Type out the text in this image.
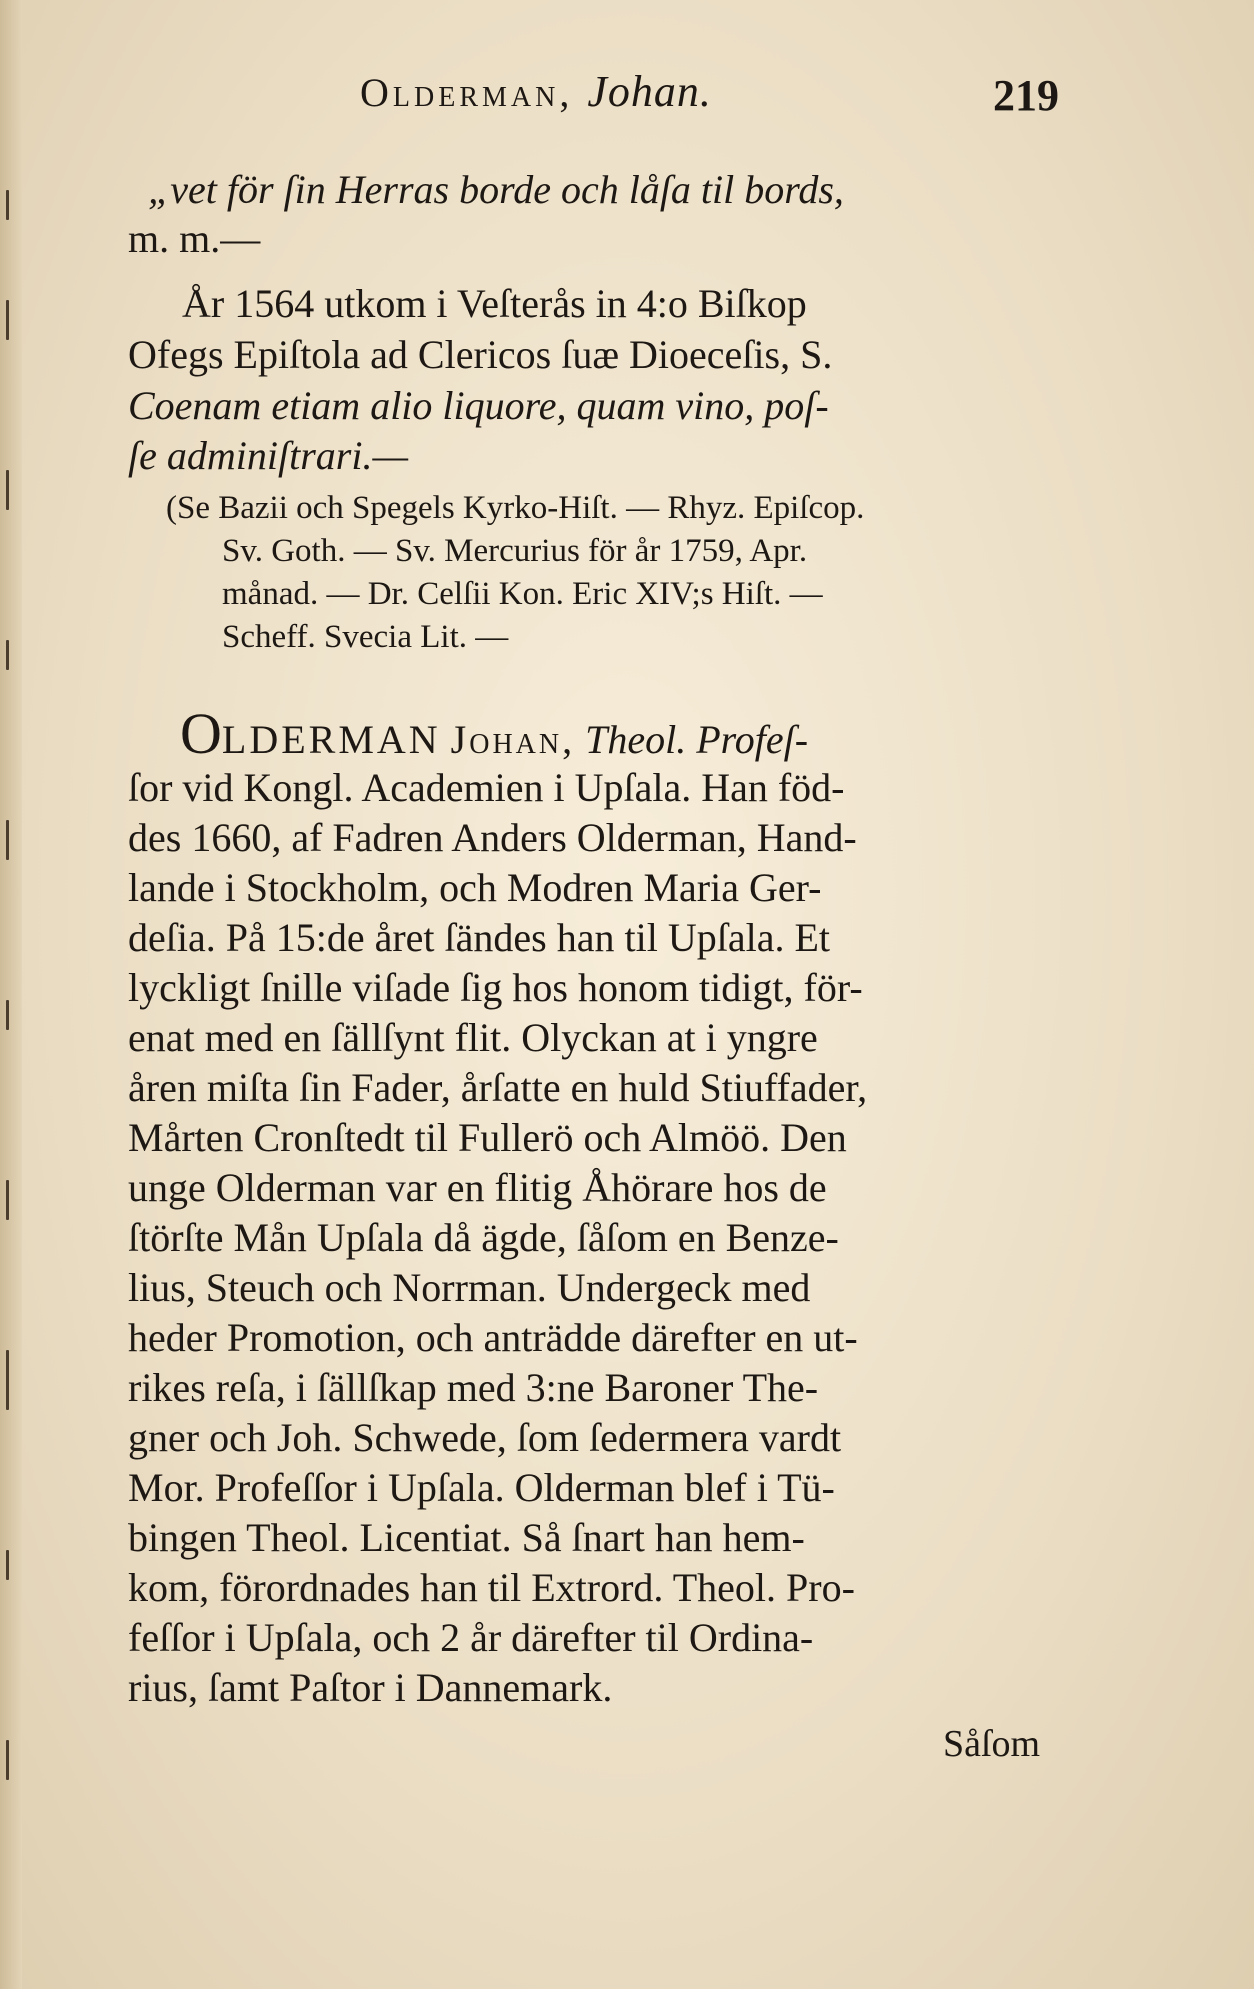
Olderman, Johan.	219
„vet för ſin Herras borde och låſa til bords,
m. m.—
År 1564 utkom i Veſterås in 4:o Biſkop
Ofegs Epiſtola ad Clericos ſuæ Dioeceſis, S.
Coenam etiam alio liquore, quam vino, poſ-
ſe adminiſtrari.—
(Se Bazii och Spegels Kyrko-Hiſt. — Rhyz. Epiſcop.
Sv. Goth. — Sv. Mercurius för år 1759, Apr.
månad. — Dr. Celſii Kon. Eric XIV;s Hiſt. —
Scheff. Svecia Lit. —
OLDERMAN Johan, Theol. Profeſ-
ſor vid Kongl. Academien i Upſala. Han föd-
des 1660, af Fadren Anders Olderman, Hand-
lande i Stockholm, och Modren Maria Ger-
deſia. På 15:de året ſändes han til Upſala. Et
lyckligt ſnille viſade ſig hos honom tidigt, för-
enat med en ſällſynt flit. Olyckan at i yngre
åren miſta ſin Fader, årſatte en huld Stiuffader,
Mårten Cronſtedt til Fullerö och Almöö. Den
unge Olderman var en flitig Åhörare hos de
ſtörſte Mån Upſala då ägde, ſåſom en Benze-
lius, Steuch och Norrman. Undergeck med
heder Promotion, och anträdde därefter en ut-
rikes reſa, i ſällſkap med 3:ne Baroner The-
gner och Joh. Schwede, ſom ſedermera vardt
Mor. Profeſſor i Upſala. Olderman blef i Tü-
bingen Theol. Licentiat. Så ſnart han hem-
kom, förordnades han til Extrord. Theol. Pro-
feſſor i Upſala, och 2 år därefter til Ordina-
rius, ſamt Paſtor i Dannemark.
Såſom
